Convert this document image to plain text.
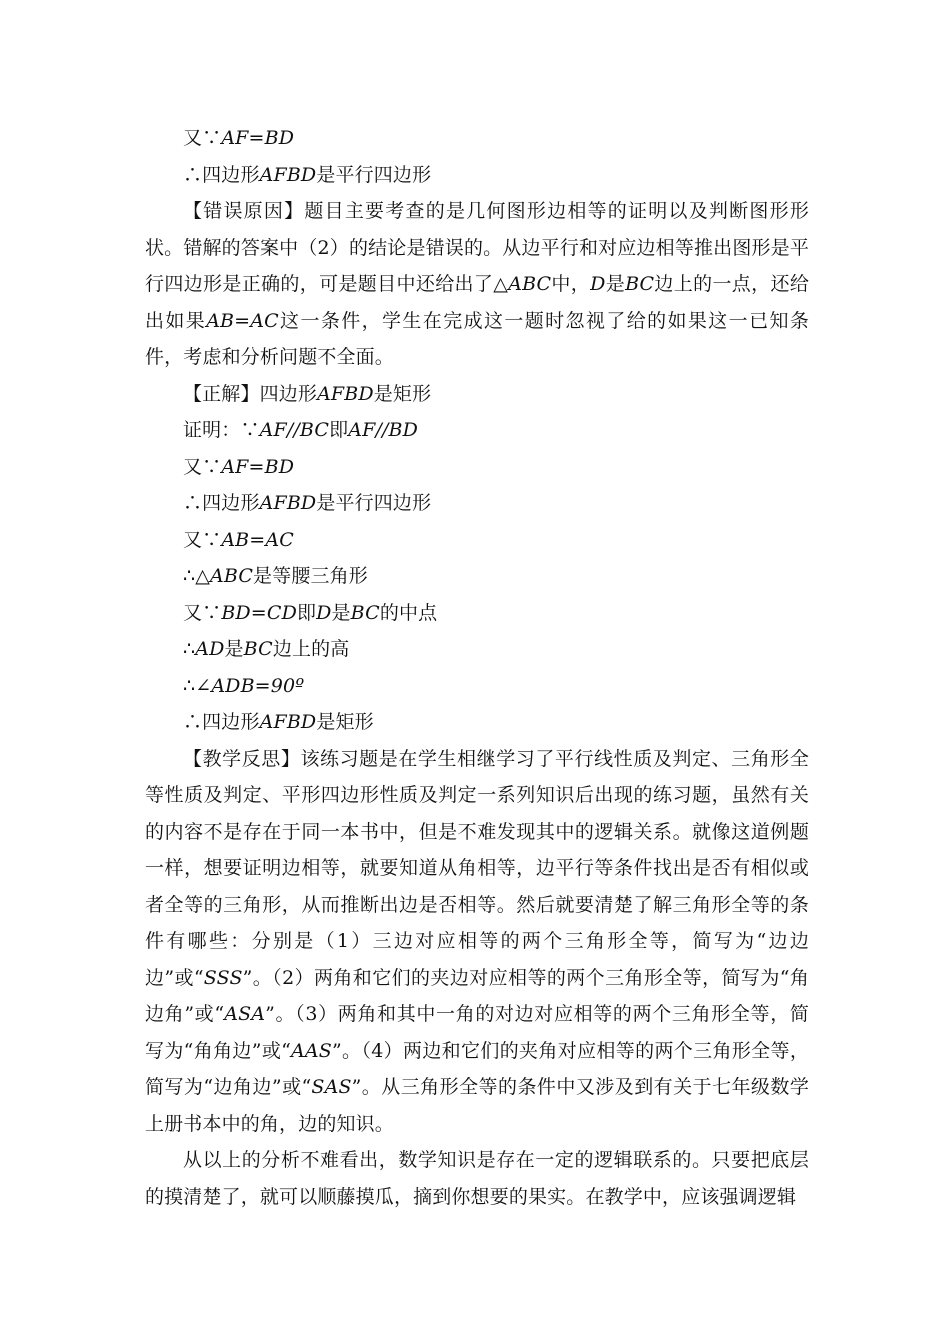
又∵AF=BD

∴四边形AFBD是平行四边形

【错误原因】题目主要考查的是几何图形边相等的证明以及判断图形形状。错解的答案中（2）的结论是错误的。从边平行和对应边相等推出图形是平行四边形是正确的，可是题目中还给出了△ABC中，D是BC边上的一点，还给出如果AB=AC这一条件，学生在完成这一题时忽视了给的如果这一已知条件，考虑和分析问题不全面。

【正解】四边形AFBD是矩形

证明：∵AF//BC即AF//BD

又∵AF=BD

∴四边形AFBD是平行四边形

又∵AB=AC

∴△ABC是等腰三角形

又∵BD=CD即D是BC的中点

∴AD是BC边上的高

∴∠ADB=90º

∴四边形AFBD是矩形

【教学反思】该练习题是在学生相继学习了平行线性质及判定、三角形全等性质及判定、平形四边形性质及判定一系列知识后出现的练习题，虽然有关的内容不是存在于同一本书中，但是不难发现其中的逻辑关系。就像这道例题一样，想要证明边相等，就要知道从角相等，边平行等条件找出是否有相似或者全等的三角形，从而推断出边是否相等。然后就要清楚了解三角形全等的条件有哪些：分别是（1）三边对应相等的两个三角形全等，简写为“边边边”或“SSS”。（2）两角和它们的夹边对应相等的两个三角形全等，简写为“角边角”或“ASA”。（3）两角和其中一角的对边对应相等的两个三角形全等，简写为“角角边”或“AAS”。（4）两边和它们的夹角对应相等的两个三角形全等，简写为“边角边”或“SAS”。从三角形全等的条件中又涉及到有关于七年级数学上册书本中的角，边的知识。

从以上的分析不难看出，数学知识是存在一定的逻辑联系的。只要把底层的摸清楚了，就可以顺藤摸瓜，摘到你想要的果实。在教学中，应该强调逻辑
